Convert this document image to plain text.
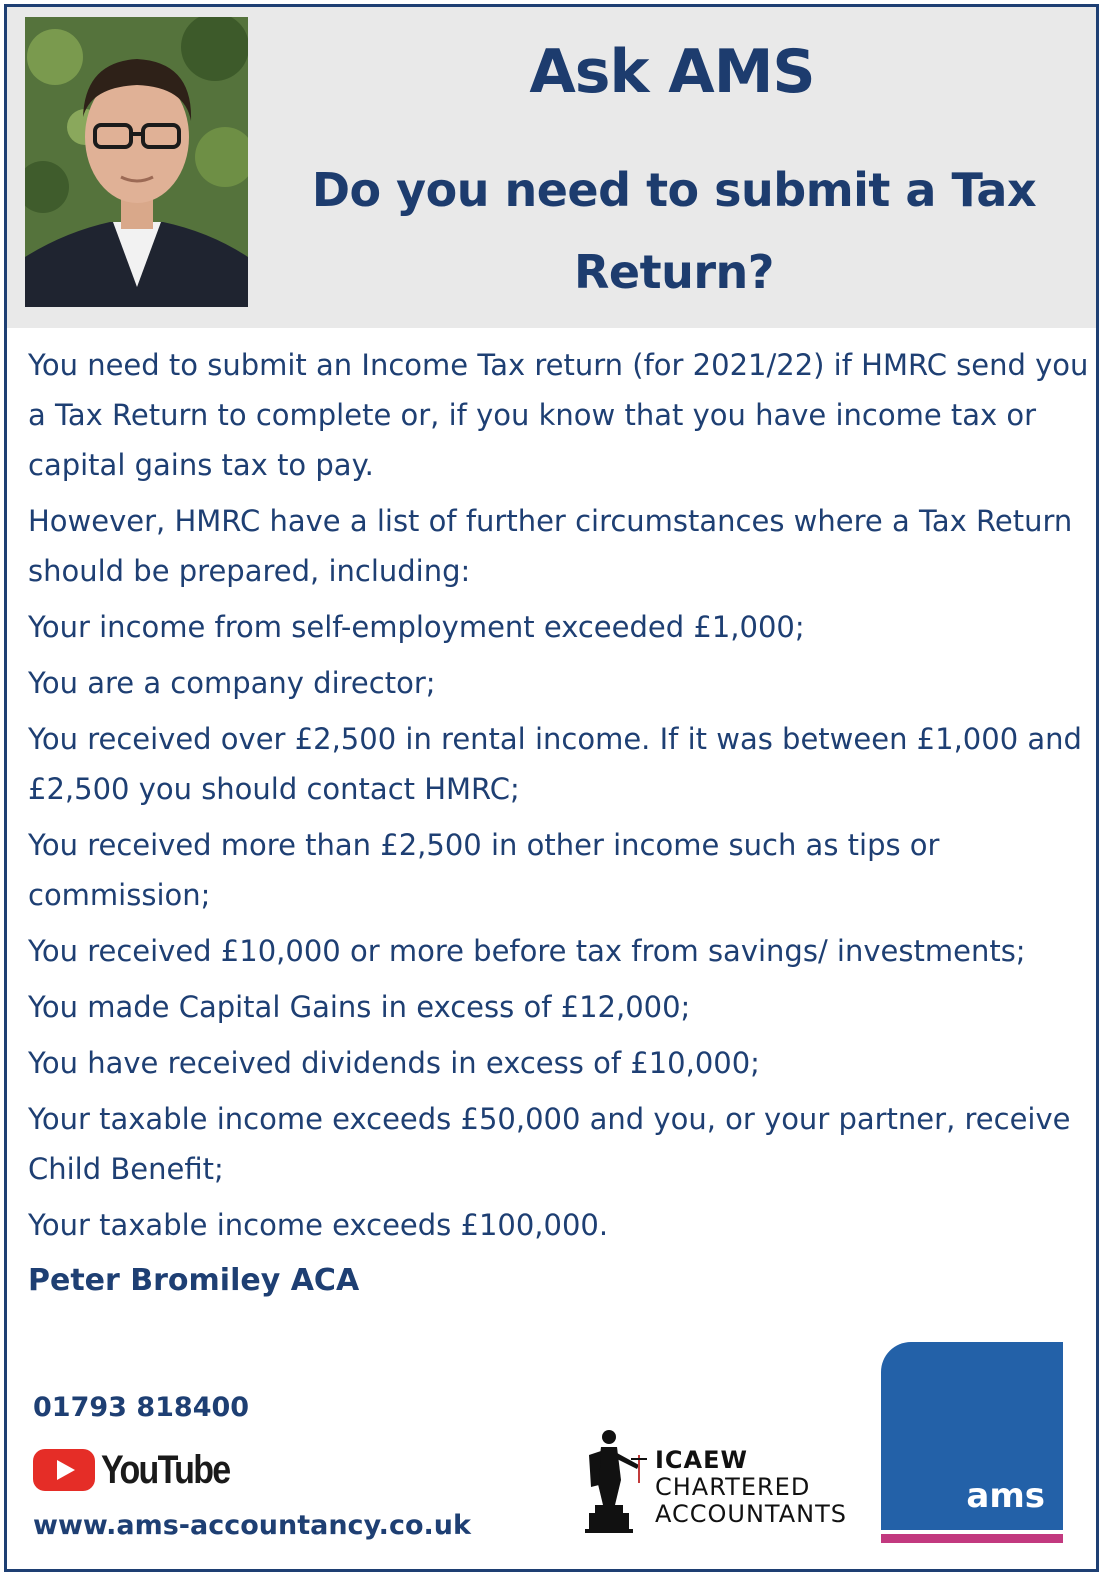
Ask AMS
Do you need to submit a Tax Return?

You need to submit an Income Tax return (for 2021/22) if HMRC send you a Tax Return to complete or, if you know that you have income tax or capital gains tax to pay.

However, HMRC have a list of further circumstances where a Tax Return should be prepared, including:

Your income from self-employment exceeded £1,000;

You are a company director;

You received over £2,500 in rental income. If it was between £1,000 and £2,500 you should contact HMRC;

You received more than £2,500 in other income such as tips or commission;

You received £10,000 or more before tax from savings/ investments;

You made Capital Gains in excess of £12,000;

You have received dividends in excess of £10,000;

Your taxable income exceeds £50,000 and you, or your partner, receive Child Benefit;

Your taxable income exceeds £100,000.

Peter Bromiley ACA

01793 818400
YouTube
www.ams-accountancy.co.uk
ICAEW
CHARTERED
ACCOUNTANTS	ams
